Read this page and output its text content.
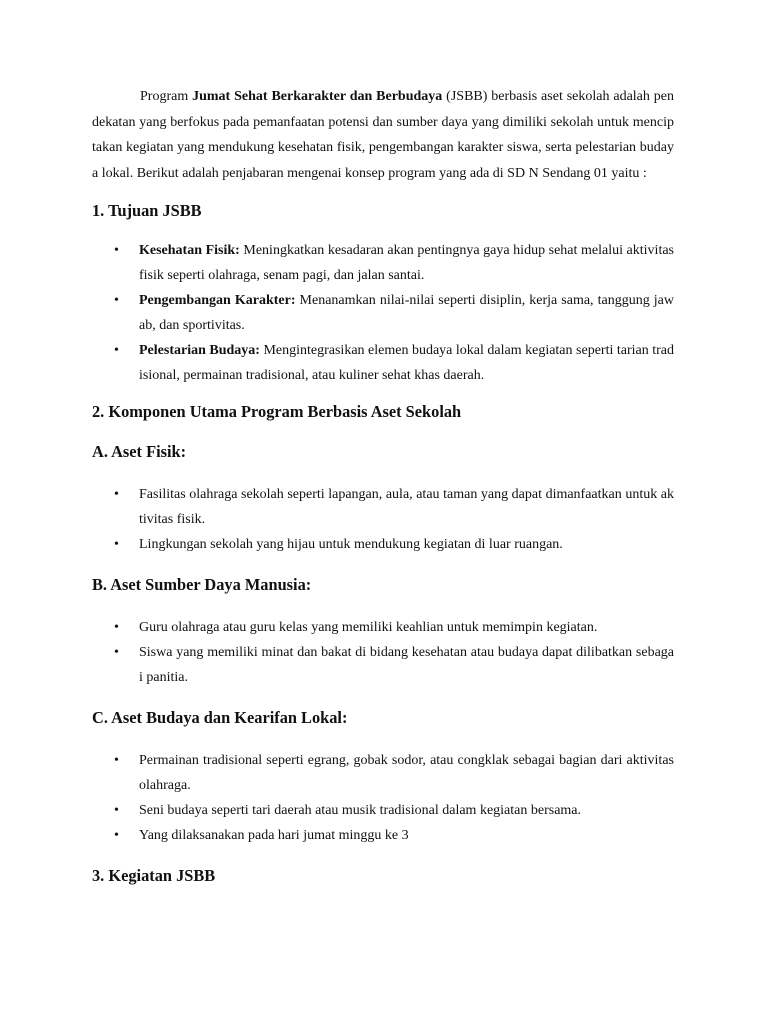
Program Jumat Sehat Berkarakter dan Berbudaya (JSBB) berbasis aset sekolah adalah pendekatan yang berfokus pada pemanfaatan potensi dan sumber daya yang dimiliki sekolah untuk menciptakan kegiatan yang mendukung kesehatan fisik, pengembangan karakter siswa, serta pelestarian budaya lokal. Berikut adalah penjabaran mengenai konsep program yang ada di SD N Sendang 01 yaitu :

1. Tujuan JSBB
• Kesehatan Fisik: Meningkatkan kesadaran akan pentingnya gaya hidup sehat melalui aktivitas fisik seperti olahraga, senam pagi, dan jalan santai.
• Pengembangan Karakter: Menanamkan nilai-nilai seperti disiplin, kerja sama, tanggung jawab, dan sportivitas.
• Pelestarian Budaya: Mengintegrasikan elemen budaya lokal dalam kegiatan seperti tarian tradisional, permainan tradisional, atau kuliner sehat khas daerah.
2. Komponen Utama Program Berbasis Aset Sekolah
A. Aset Fisik:
• Fasilitas olahraga sekolah seperti lapangan, aula, atau taman yang dapat dimanfaatkan untuk aktivitas fisik.
• Lingkungan sekolah yang hijau untuk mendukung kegiatan di luar ruangan.
B. Aset Sumber Daya Manusia:
• Guru olahraga atau guru kelas yang memiliki keahlian untuk memimpin kegiatan.
• Siswa yang memiliki minat dan bakat di bidang kesehatan atau budaya dapat dilibatkan sebagai panitia.
C. Aset Budaya dan Kearifan Lokal:
• Permainan tradisional seperti egrang, gobak sodor, atau congklak sebagai bagian dari aktivitas olahraga.
• Seni budaya seperti tari daerah atau musik tradisional dalam kegiatan bersama.
• Yang dilaksanakan pada hari jumat minggu ke 3
3. Kegiatan JSBB
